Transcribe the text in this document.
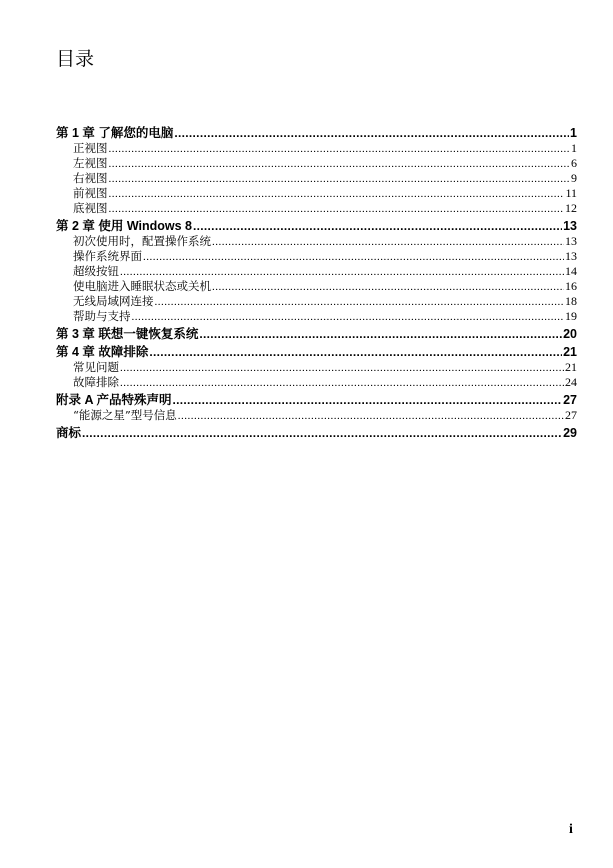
目录
第 1 章 了解您的电脑 .....	1
正视图 .....	1
左视图 .....	6
右视图 .....	9
前视图 .....	11
底视图 .....	12
第 2 章 使用 Windows 8 .....	13
初次使用时，配置操作系统 .....	13
操作系统界面 .....	13
超级按钮 .....	14
使电脑进入睡眠状态或关机 .....	16
无线局域网连接 .....	18
帮助与支持 .....	19
第 3 章 联想一键恢复系统 .....	20
第 4 章 故障排除 .....	21
常见问题 .....	21
故障排除 .....	24
附录 A 产品特殊声明 .....	27
“能源之星”型号信息 .....	27
商标 .....	29

i
